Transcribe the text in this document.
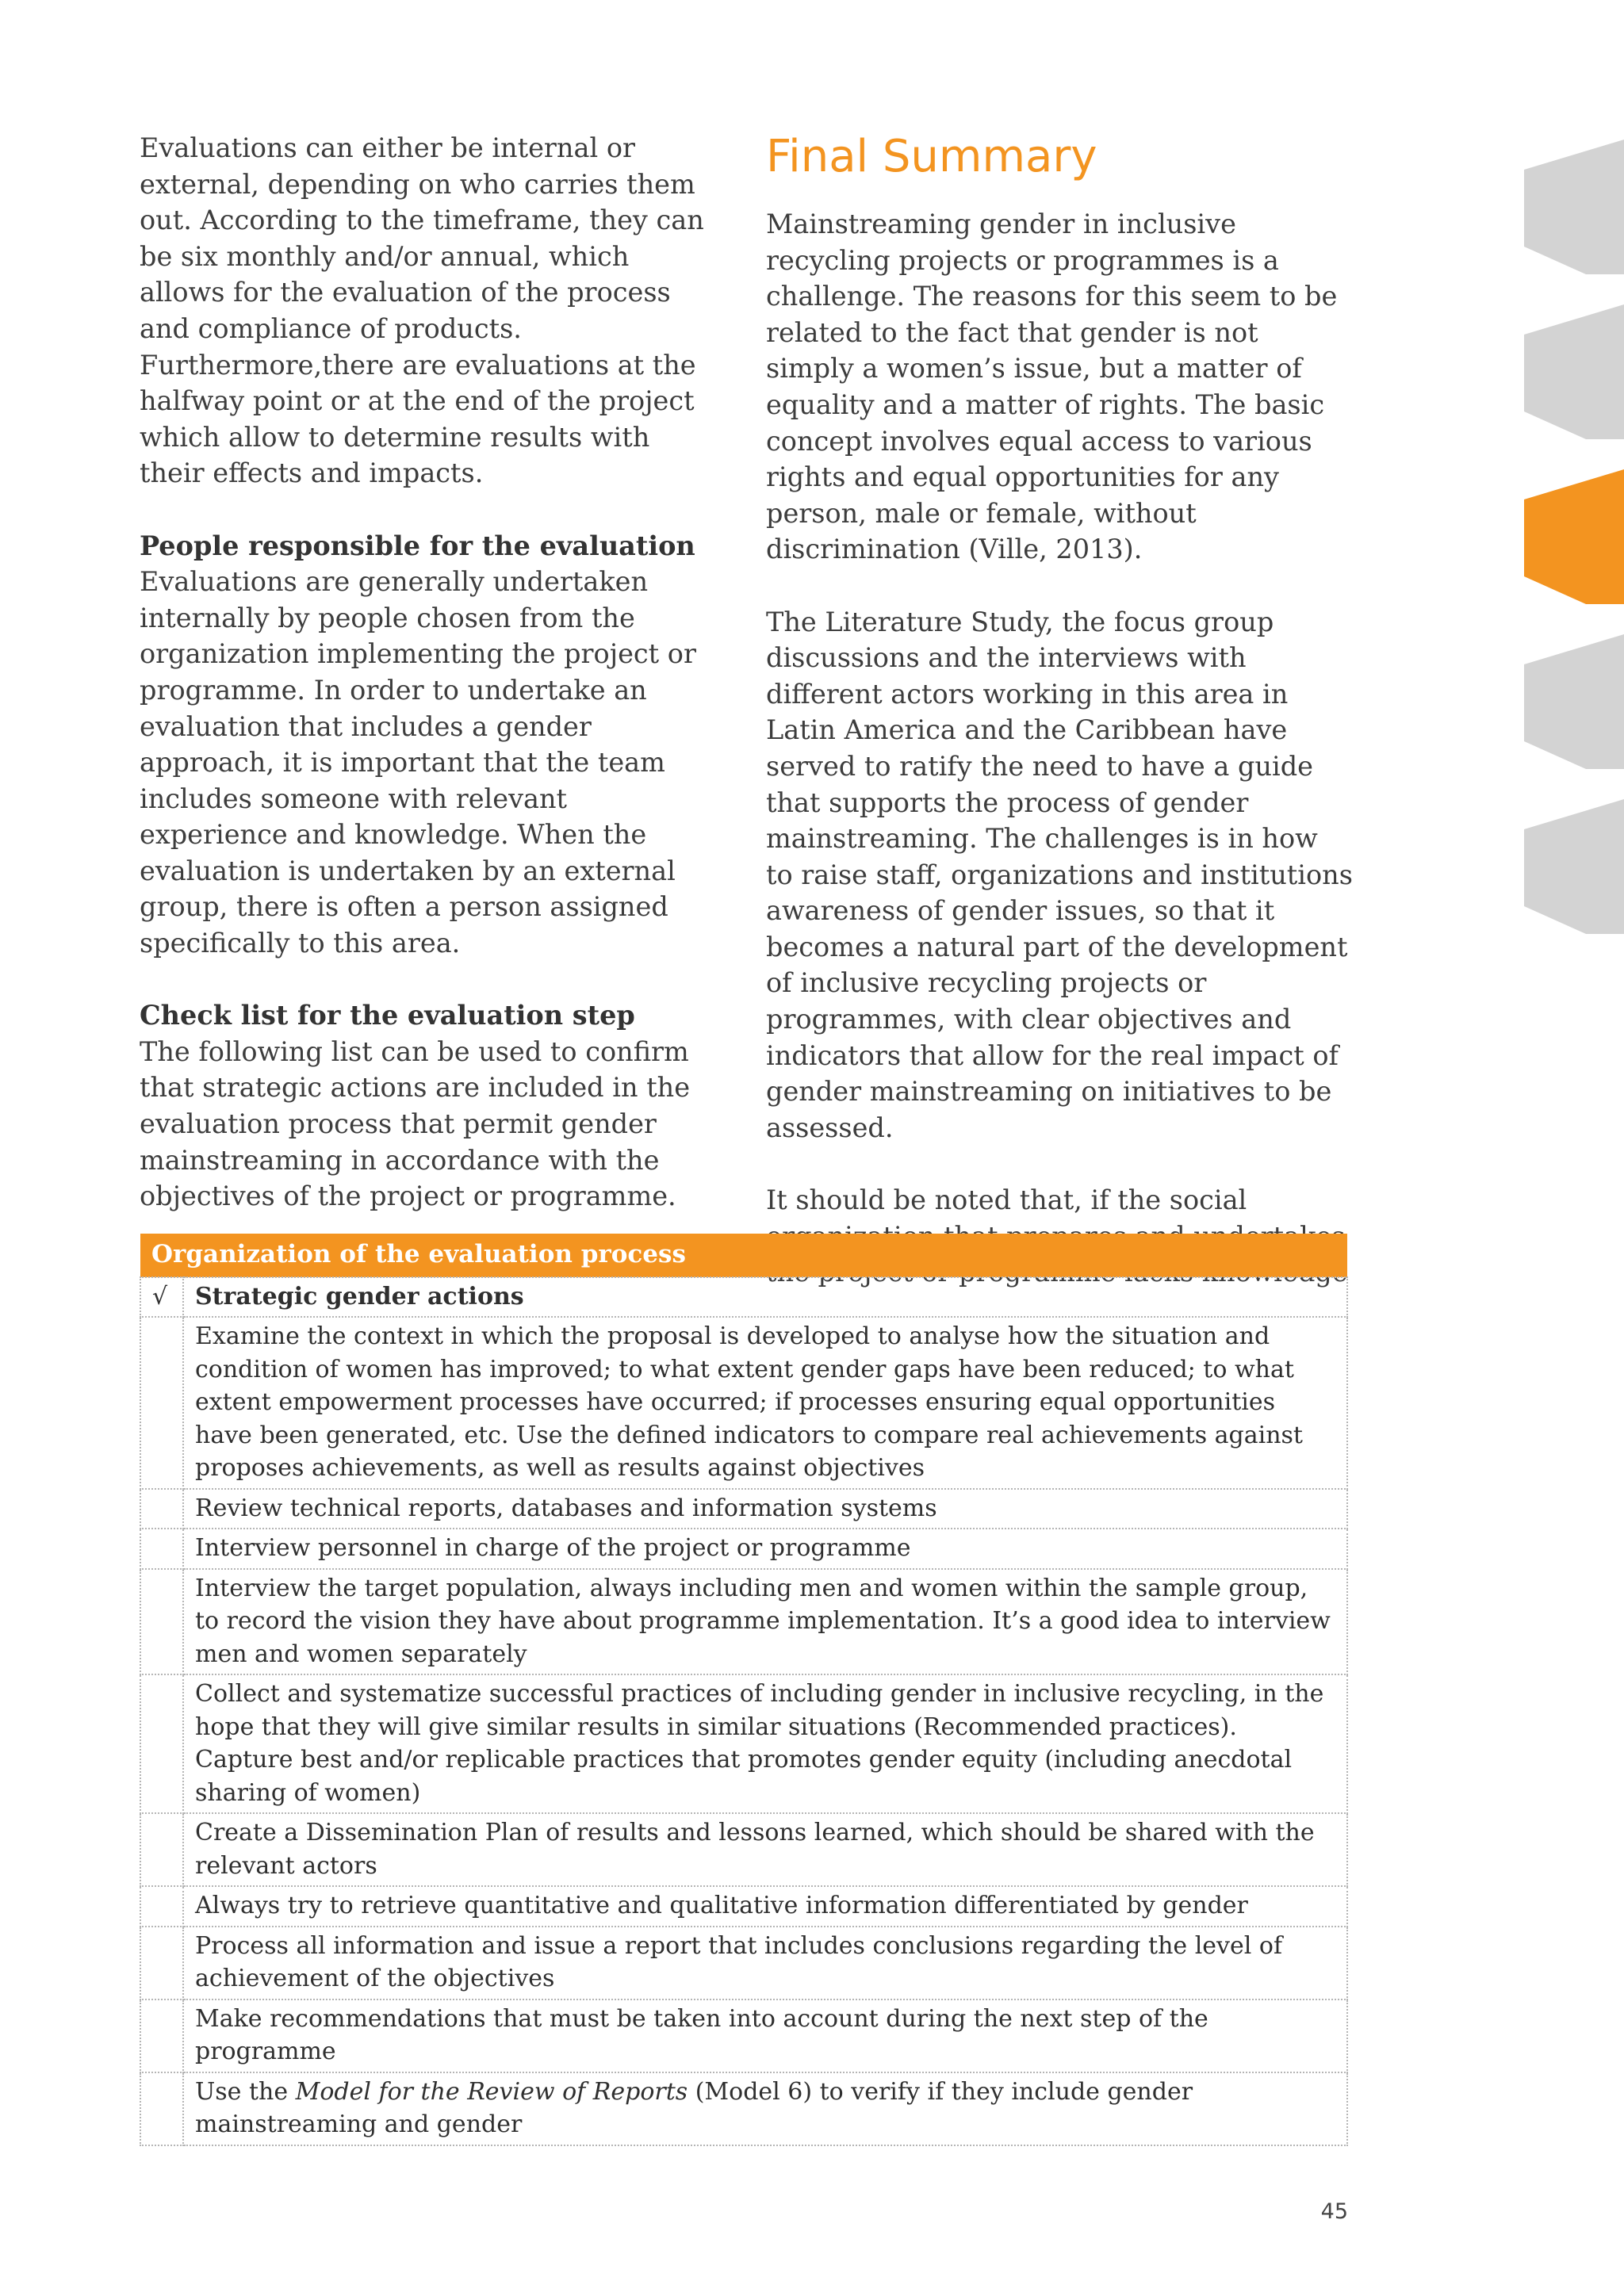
Evaluations can either be internal or external, depending on who carries them out. According to the timeframe, they can be six monthly and/or annual, which allows for the evaluation of the process and compliance of products. Furthermore,there are evaluations at the halfway point or at the end of the project which allow to determine results with their effects and impacts.

People responsible for the evaluation

Evaluations are generally undertaken internally by people chosen from the organization implementing the project or programme. In order to undertake an evaluation that includes a gender approach, it is important that the team includes someone with relevant experience and knowledge. When the evaluation is undertaken by an external group, there is often a person assigned specifically to this area.

Check list for the evaluation step

The following list can be used to confirm that strategic actions are included in the evaluation process that permit gender mainstreaming in accordance with the objectives of the project or programme.

Final Summary

Mainstreaming gender in inclusive recycling projects or programmes is a challenge. The reasons for this seem to be related to the fact that gender is not simply a women’s issue, but a matter of equality and a matter of rights. The basic concept involves equal access to various rights and equal opportunities for any person, male or female, without discrimination (Ville, 2013).

The Literature Study, the focus group discussions and the interviews with different actors working in this area in Latin America and the Caribbean have served to ratify the need to have a guide that supports the process of gender mainstreaming. The challenges is in how to raise staff, organizations and institutions awareness of gender issues, so that it becomes a natural part of the development of inclusive recycling projects or programmes, with clear objectives and indicators that allow for the real impact of gender mainstreaming on initiatives to be assessed.

It should be noted that, if the social

Organization of the evaluation process	
√	Strategic gender actions
	Examine the context in which the proposal is developed to analyse how the situation and condition of women has improved; to what extent gender gaps have been reduced; to what extent empowerment processes have occurred; if processes ensuring equal opportunities have been generated, etc. Use the defined indicators to compare real achievements against proposes achievements, as well as results against objectives
	Review technical reports, databases and information systems
	Interview personnel in charge of the project or programme
	Interview the target population, always including men and women within the sample group, to record the vision they have about programme implementation. It’s a good idea to interview men and women separately
	Collect and systematize successful practices of including gender in inclusive recycling, in the hope that they will give similar results in similar situations (Recommended practices). Capture best and/or replicable practices that promotes gender equity (including anecdotal sharing of women)
	Create a Dissemination Plan of results and lessons learned, which should be shared with the relevant actors
	Always try to retrieve quantitative and qualitative information differentiated by gender
	Process all information and issue a report that includes conclusions regarding the level of achievement of the objectives
	Make recommendations that must be taken into account during the next step of the programme
	Use the Model for the Review of Reports (Model 6) to verify if they include gender mainstreaming and gender
45
